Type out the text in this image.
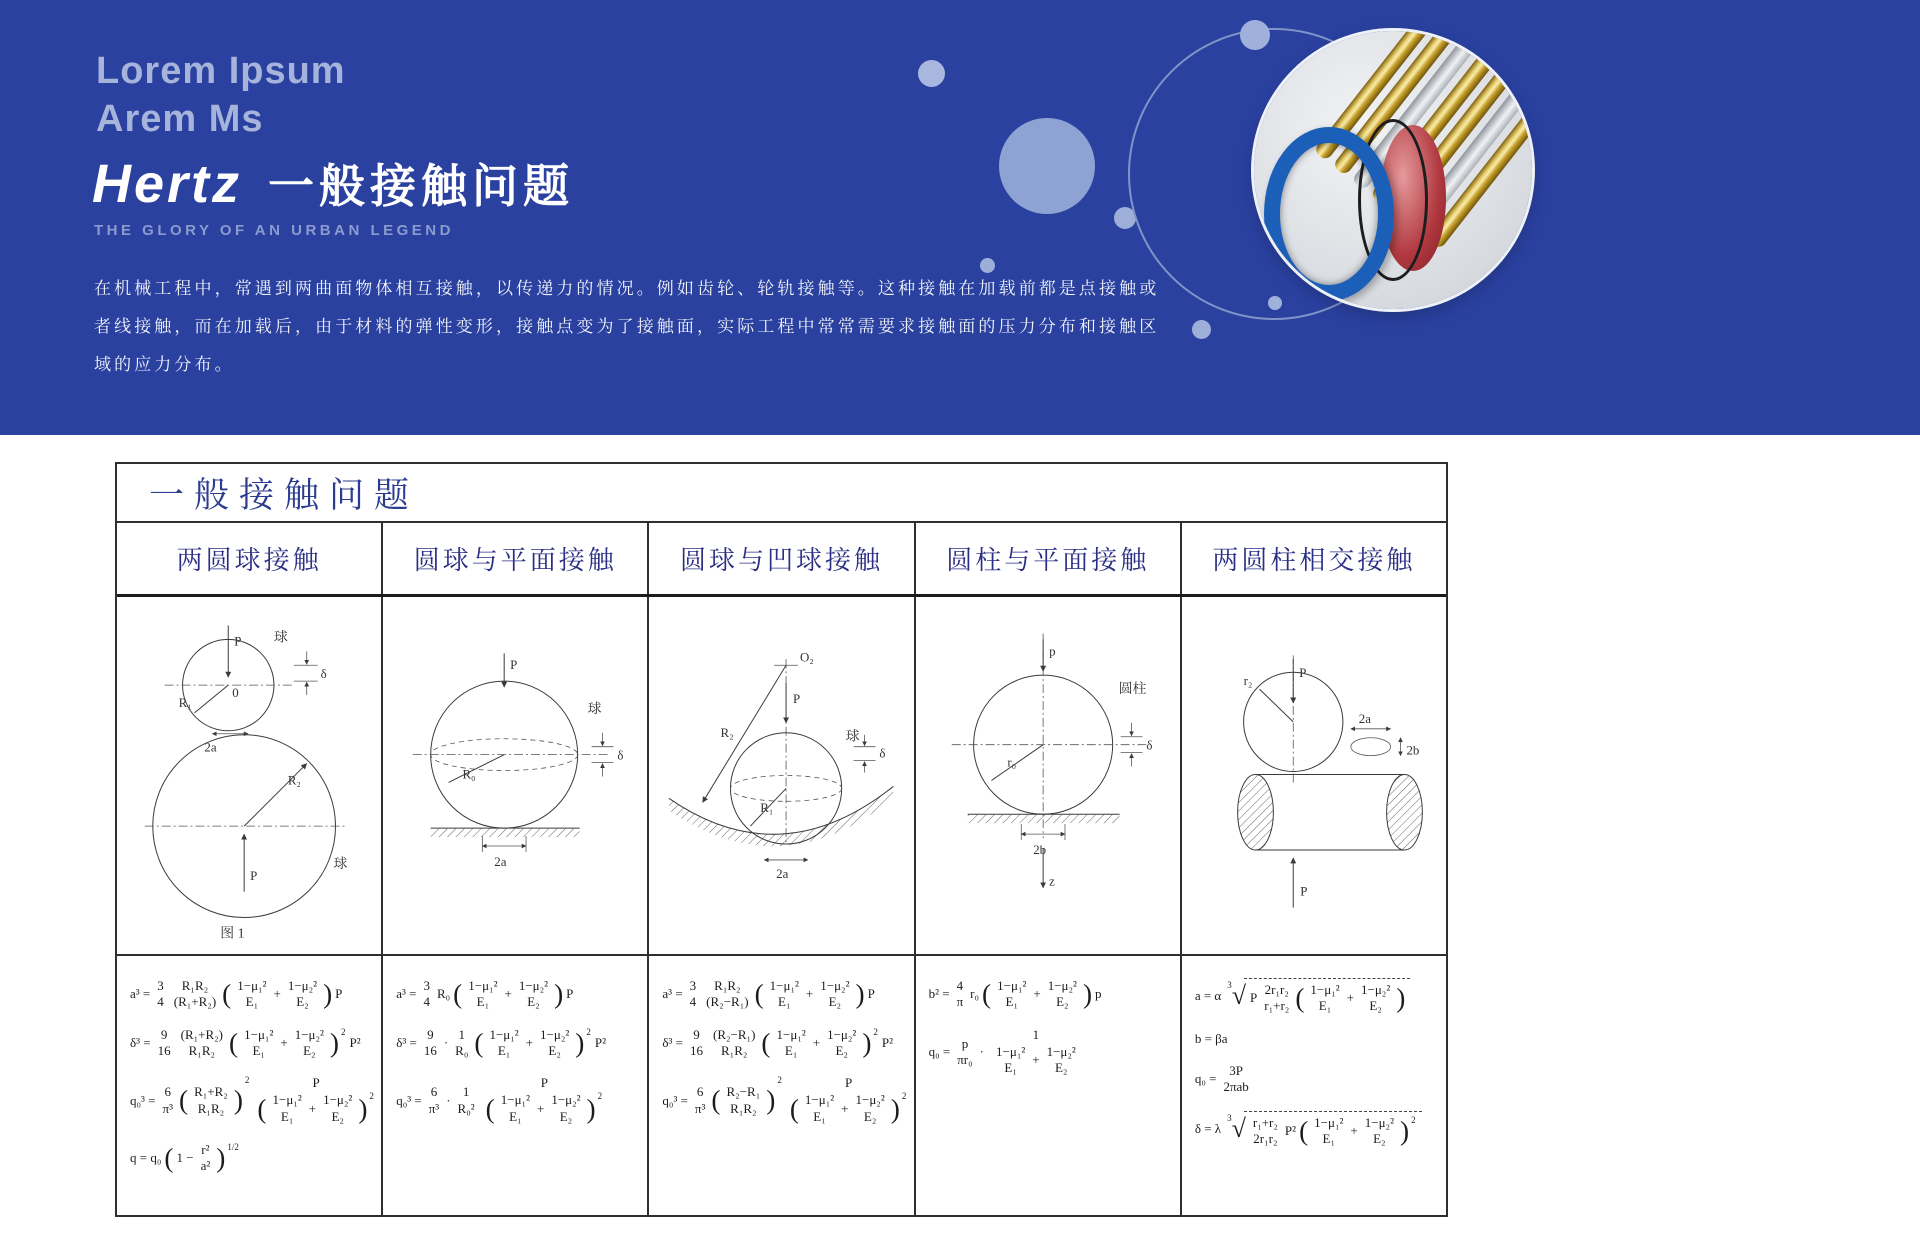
Lorem Ipsum
Arem Ms
Hertz 一般接触问题
THE GLORY OF AN URBAN LEGEND
在机械工程中，常遇到两曲面物体相互接触，以传递力的情况。例如齿轮、轮轨接触等。这种接触在加载前都是点接触或
者线接触，而在加载后，由于材料的弹性变形，接触点变为了接触面，实际工程中常常需要求接触面的压力分布和接触区
域的应力分布。
一般接触问题
两圆球接触	圆球与平面接触	圆球与凹球接触	圆柱与平面接触	两圆柱相交接触
P 球
R₁
0
δ
2a
R₂
P
球
图 1
P
球
R₀
δ
2a
O₂
R₂
P
球
δ
R₁
2a
圆柱
p
r₀
δ
2b
z
P
r₂
2a
2b
P
a³ =
3
4
R₁R₂
(R₁+R₂) ( 1−μ₁²
E₁
+
1−μ₂²
E₂ ) P
δ³ =
9
16
(R₁+R₂)
R₁R₂ ( 1−μ₁²
E₁
+
1−μ₂²
E₂ ) 2
P²
q₀³ =
6
π³ ( R₁+R₂
R₁R₂ )
2	P
( 1−μ₁²
E₁
+
1−μ₂²
E₂ ) 2
q = q₀ ( 1 −
r²
a² ) 1/2
a³ =
3
4
R₀ ( 1−μ₁²
E₁
+
1−μ₂²
E₂ ) P
δ³ =
9
16
·
1
R₀ ( 1−μ₁²
E₁
+
1−μ₂²
E₂ ) 2
P²
q₀³ =
6
π³
·
1
R₀²
P
( 1−μ₁²
E₁
+
1−μ₂²
E₂ ) 2
a³ =
3
4
R₁R₂
(R₂−R₁) ( 1−μ₁²
E₁
+
1−μ₂²
E₂ ) P
δ³ =
9
16
(R₂−R₁)
R₁R₂ ( 1−μ₁²
E₁
+
1−μ₂²
E₂ ) 2
P²
q₀³ =
6
π³ ( R₂−R₁
R₁R₂ )
2	P
( 1−μ₁²
E₁
+
1−μ₂²
E₂ ) 2
b² =
4
π
r₀ ( 1−μ₁²
E₁
+
1−μ₂²
E₂ ) p
q₀ =
p
πr₀
·
1
1−μ₁²
E₁
+
1−μ₂²
E₂
a = α
3 √ P
2r₁r₂
r₁+r₂ ( 1−μ₁²
E₁
+
1−μ₂²
E₂ )
b = βa
q₀ =
3P
2πab
δ = λ
3 √ r₁+r₂
2r₁r₂
P² ( 1−μ₁²
E₁
+
1−μ₂²
E₂ ) 2
